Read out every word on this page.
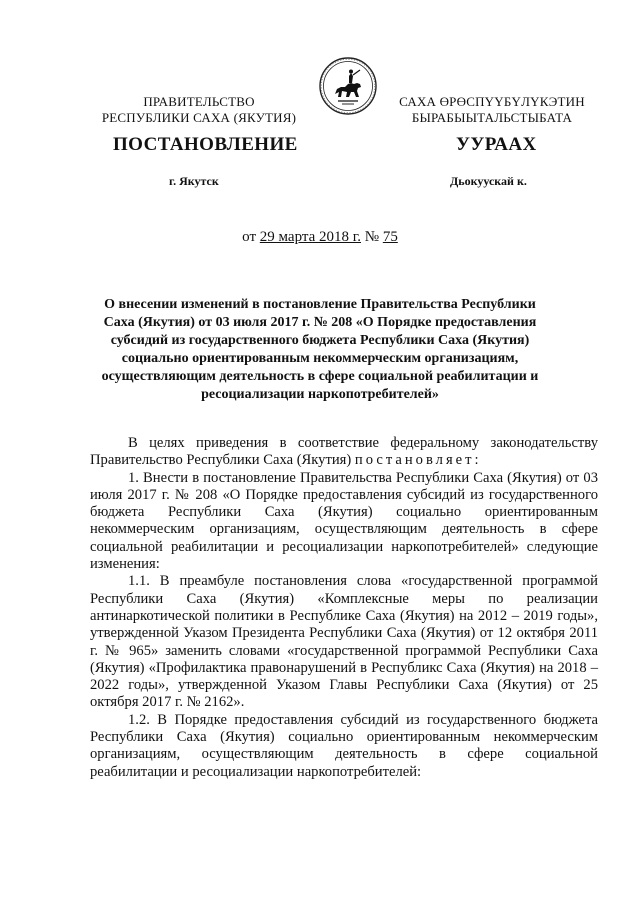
ПРАВИТЕЛЬСТВО
РЕСПУБЛИКИ САХА (ЯКУТИЯ)
САХА ӨРӨСПҮҮБҮЛҮКЭТИН
БЫРАБЫЫТАЛЬСТЫБАТА
ПОСТАНОВЛЕНИЕ	УУРААХ
г. Якутск	Дьокуускай к.
от 29 марта 2018 г. № 75
О внесении изменений в постановление Правительства Республики
Саха (Якутия) от 03 июля 2017 г. № 208 «О Порядке предоставления
субсидий из государственного бюджета Республики Саха (Якутия)
социально ориентированным некоммерческим организациям,
осуществляющим деятельность в сфере социальной реабилитации и
ресоциализации наркопотребителей»

В целях приведения в соответствие федеральному законодательству Правительство Республики Саха (Якутия) постановляет:

1. Внести в постановление Правительства Республики Саха (Якутия) от 03 июля 2017 г. № 208 «О Порядке предоставления субсидий из государственного бюджета Республики Саха (Якутия) социально ориентированным некоммерческим организациям, осуществляющим деятельность в сфере социальной реабилитации и ресоциализации наркопотребителей» следующие изменения:

1.1. В преамбуле постановления слова «государственной программой Республики Саха (Якутия) «Комплексные меры по реализации антинаркотической политики в Республике Саха (Якутия) на 2012 – 2019 годы», утвержденной Указом Президента Республики Саха (Якутия) от 12 октября 2011 г. № 965» заменить словами «государственной программой Республики Саха (Якутия) «Профилактика правонарушений в Республикс Саха (Якутия) на 2018 – 2022 годы», утвержденной Указом Главы Республики Саха (Якутия) от 25 октября 2017 г. № 2162».

1.2. В Порядке предоставления субсидий из государственного бюджета Республики Саха (Якутия) социально ориентированным некоммерческим организациям, осуществляющим деятельность в сфере социальной реабилитации и ресоциализации наркопотребителей:
